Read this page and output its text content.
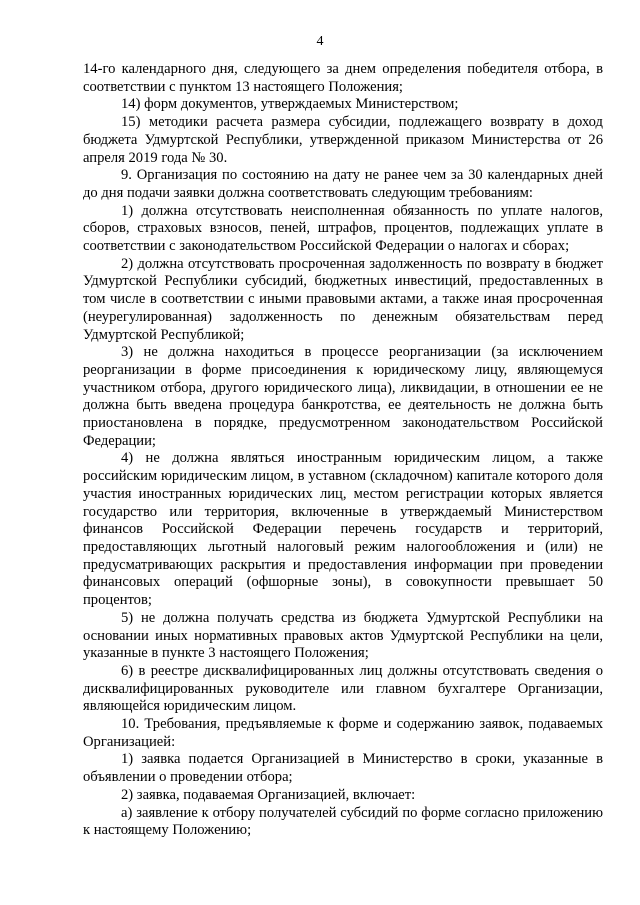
4

14-го календарного дня, следующего за днем определения победителя отбора, в соответствии с пунктом 13 настоящего Положения;

14) форм документов, утверждаемых Министерством;

15) методики расчета размера субсидии, подлежащего возврату в доход бюджета Удмуртской Республики, утвержденной приказом Министерства от 26 апреля 2019 года № 30.

9. Организация по состоянию на дату не ранее чем за 30 календарных дней до дня подачи заявки должна соответствовать следующим требованиям:

1) должна отсутствовать неисполненная обязанность по уплате налогов, сборов, страховых взносов, пеней, штрафов, процентов, подлежащих уплате в соответствии с законодательством Российской Федерации о налогах и сборах;

2) должна отсутствовать просроченная задолженность по возврату в бюджет Удмуртской Республики субсидий, бюджетных инвестиций, предоставленных в том числе в соответствии с иными правовыми актами, а также иная просроченная (неурегулированная) задолженность по денежным обязательствам перед Удмуртской Республикой;

3) не должна находиться в процессе реорганизации (за исключением реорганизации в форме присоединения к юридическому лицу, являющемуся участником отбора, другого юридического лица), ликвидации, в отношении ее не должна быть введена процедура банкротства, ее деятельность не должна быть приостановлена в порядке, предусмотренном законодательством Российской Федерации;

4) не должна являться иностранным юридическим лицом, а также российским юридическим лицом, в уставном (складочном) капитале которого доля участия иностранных юридических лиц, местом регистрации которых является государство или территория, включенные в утверждаемый Министерством финансов Российской Федерации перечень государств и территорий, предоставляющих льготный налоговый режим налогообложения и (или) не предусматривающих раскрытия и предоставления информации при проведении финансовых операций (офшорные зоны), в совокупности превышает 50 процентов;

5) не должна получать средства из бюджета Удмуртской Республики на основании иных нормативных правовых актов Удмуртской Республики на цели, указанные в пункте 3 настоящего Положения;

6) в реестре дисквалифицированных лиц должны отсутствовать сведения о дисквалифицированных руководителе или главном бухгалтере Организации, являющейся юридическим лицом.

10. Требования, предъявляемые к форме и содержанию заявок, подаваемых Организацией:

1) заявка подается Организацией в Министерство в сроки, указанные в объявлении о проведении отбора;

2) заявка, подаваемая Организацией, включает:

а) заявление к отбору получателей субсидий по форме согласно приложению к настоящему Положению;
